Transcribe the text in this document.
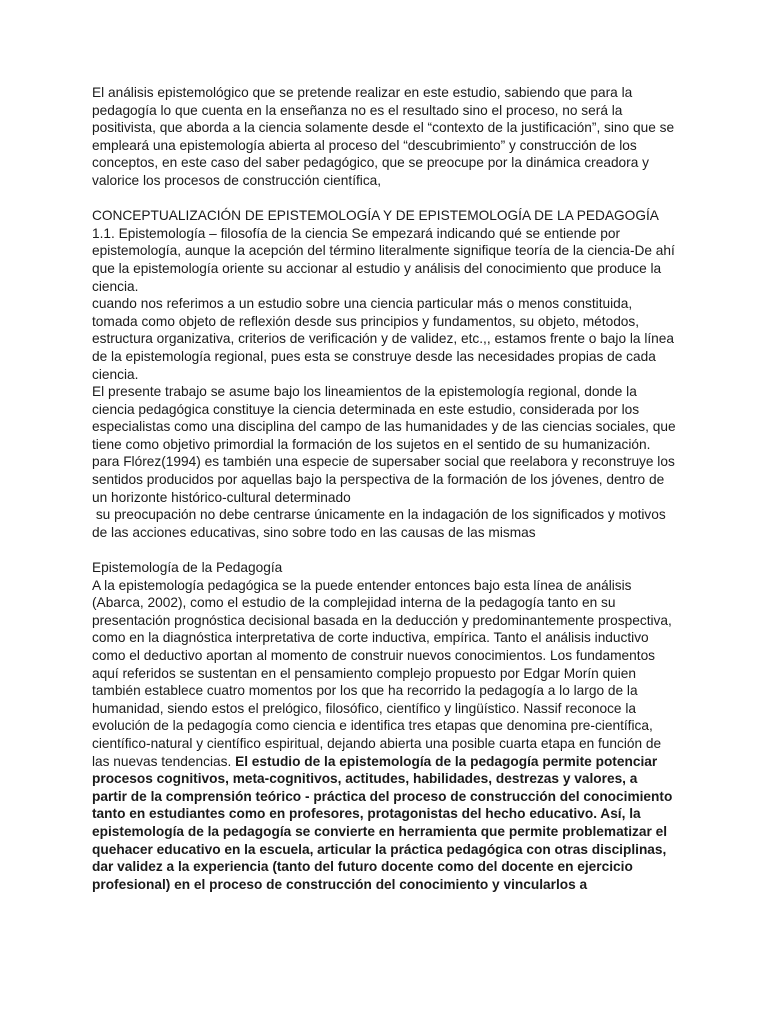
El análisis epistemológico que se pretende realizar en este estudio, sabiendo que para la pedagogía lo que cuenta en la enseñanza no es el resultado sino el proceso, no será la positivista, que aborda a la ciencia solamente desde el “contexto de la justificación”, sino que se empleará una epistemología abierta al proceso del “descubrimiento” y construcción de los conceptos, en este caso del saber pedagógico, que se preocupe por la dinámica creadora y valorice los procesos de construcción científica,

CONCEPTUALIZACIÓN DE EPISTEMOLOGÍA Y DE EPISTEMOLOGÍA DE LA PEDAGOGÍA 1.1. Epistemología – filosofía de la ciencia Se empezará indicando qué se entiende por epistemología, aunque la acepción del término literalmente signifique teoría de la ciencia-De ahí que la epistemología oriente su accionar al estudio y análisis del conocimiento que produce la ciencia.

cuando nos referimos a un estudio sobre una ciencia particular más o menos constituida, tomada como objeto de reflexión desde sus principios y fundamentos, su objeto, métodos, estructura organizativa, criterios de verificación y de validez, etc.,, estamos frente o bajo la línea de la epistemología regional, pues esta se construye desde las necesidades propias de cada ciencia.

El presente trabajo se asume bajo los lineamientos de la epistemología regional, donde la ciencia pedagógica constituye la ciencia determinada en este estudio, considerada por los especialistas como una disciplina del campo de las humanidades y de las ciencias sociales, que tiene como objetivo primordial la formación de los sujetos en el sentido de su humanización. para Flórez(1994) es también una especie de supersaber social que reelabora y reconstruye los sentidos producidos por aquellas bajo la perspectiva de la formación de los jóvenes, dentro de un horizonte histórico-cultural determinado

su preocupación no debe centrarse únicamente en la indagación de los significados y motivos de las acciones educativas, sino sobre todo en las causas de las mismas

Epistemología de la Pedagogía

A la epistemología pedagógica se la puede entender entonces bajo esta línea de análisis (Abarca, 2002), como el estudio de la complejidad interna de la pedagogía tanto en su presentación prognóstica decisional basada en la deducción y predominantemente prospectiva, como en la diagnóstica interpretativa de corte inductiva, empírica. Tanto el análisis inductivo como el deductivo aportan al momento de construir nuevos conocimientos. Los fundamentos aquí referidos se sustentan en el pensamiento complejo propuesto por Edgar Morín quien también establece cuatro momentos por los que ha recorrido la pedagogía a lo largo de la humanidad, siendo estos el prelógico, filosófico, científico y lingüístico. Nassif reconoce la evolución de la pedagogía como ciencia e identifica tres etapas que denomina pre-científica, científico-natural y científico espiritual, dejando abierta una posible cuarta etapa en función de las nuevas tendencias. El estudio de la epistemología de la pedagogía permite potenciar procesos cognitivos, meta-cognitivos, actitudes, habilidades, destrezas y valores, a partir de la comprensión teórico - práctica del proceso de construcción del conocimiento tanto en estudiantes como en profesores, protagonistas del hecho educativo. Así, la epistemología de la pedagogía se convierte en herramienta que permite problematizar el quehacer educativo en la escuela, articular la práctica pedagógica con otras disciplinas, dar validez a la experiencia (tanto del futuro docente como del docente en ejercicio profesional) en el proceso de construcción del conocimiento y vincularlos a
